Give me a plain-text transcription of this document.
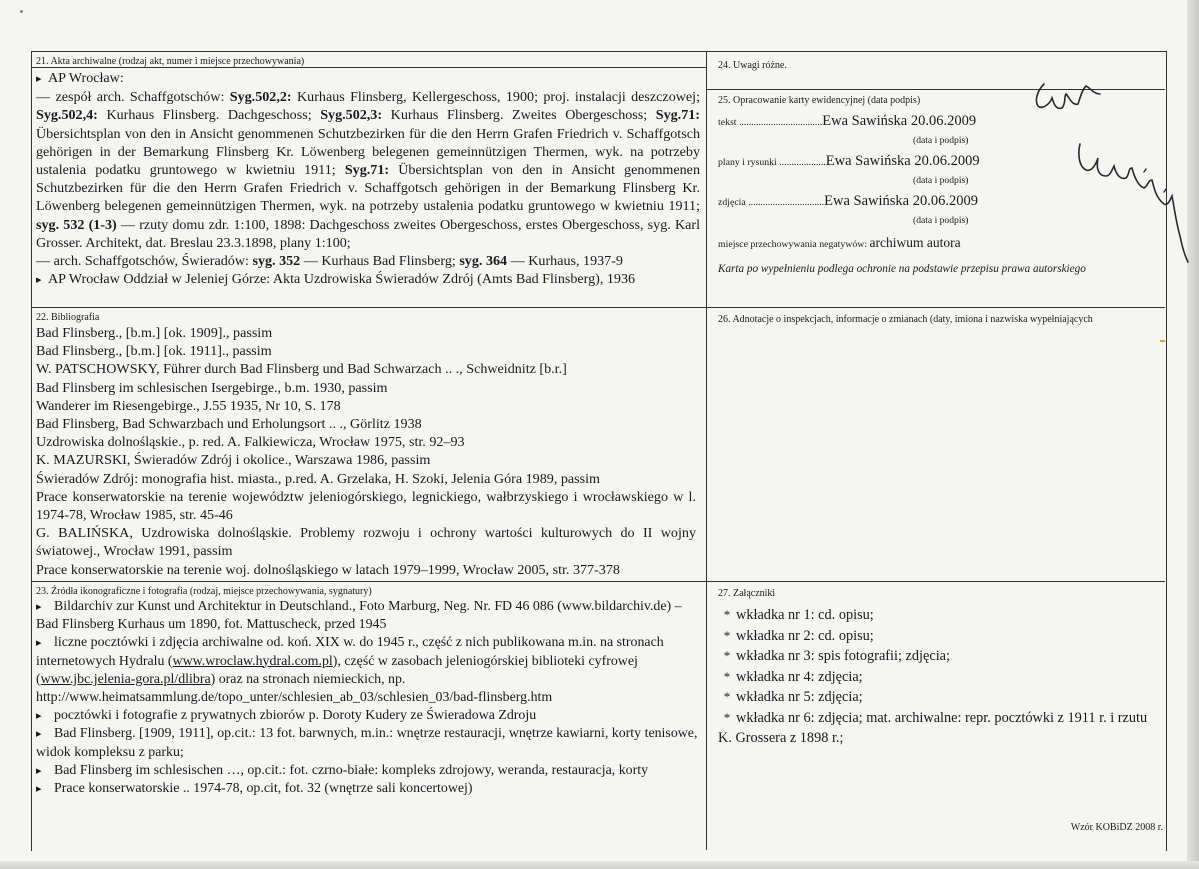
21. Akta archiwalne (rodzaj akt, numer i miejsce przechowywania)

▸ AP Wrocław:

— zespół arch. Schaffgotschów: Syg.502,2: Kurhaus Flinsberg, Kellergeschoss, 1900; proj. instalacji deszczowej; Syg.502,4: Kurhaus Flinsberg. Dachgeschoss; Syg.502,3: Kurhaus Flinsberg. Zweites Obergeschoss; Syg.71: Übersichtsplan von den in Ansicht genommenen Schutzbezirken für die den Herrn Grafen Friedrich v. Schaffgotsch gehörigen in der Bemarkung Flinsberg Kr. Löwenberg belegenen gemeinnützigen Thermen, wyk. na potrzeby ustalenia podatku gruntowego w kwietniu 1911; Syg.71: Übersichtsplan von den in Ansicht genommenen Schutzbezirken für die den Herrn Grafen Friedrich v. Schaffgotsch gehörigen in der Bemarkung Flinsberg Kr. Löwenberg belegenen gemeinnützigen Thermen, wyk. na potrzeby ustalenia podatku gruntowego w kwietniu 1911; syg. 532 (1-3) — rzuty domu zdr. 1:100, 1898: Dachgeschoss zweites Obergeschoss, erstes Obergeschoss, syg. Karl Grosser. Architekt, dat. Breslau 23.3.1898, plany 1:100;

— arch. Schaffgotschów, Świeradów: syg. 352 — Kurhaus Bad Flinsberg; syg. 364 — Kurhaus, 1937-9

▸ AP Wrocław Oddział w Jeleniej Górze: Akta Uzdrowiska Świeradów Zdrój (Amts Bad Flinsberg), 1936

22. Bibliografia

Bad Flinsberg., [b.m.] [ok. 1909]., passim

Bad Flinsberg., [b.m.] [ok. 1911]., passim

W. PATSCHOWSKY, Führer durch Bad Flinsberg und Bad Schwarzach .. ., Schweidnitz [b.r.]

Bad Flinsberg im schlesischen Isergebirge., b.m. 1930, passim

Wanderer im Riesengebirge., J.55 1935, Nr 10, S. 178

Bad Flinsberg, Bad Schwarzbach und Erholungsort .. ., Görlitz 1938

Uzdrowiska dolnośląskie., p. red. A. Falkiewicza, Wrocław 1975, str. 92–93

K. MAZURSKI, Świeradów Zdrój i okolice., Warszawa 1986, passim

Świeradów Zdrój: monografia hist. miasta., p.red. A. Grzelaka, H. Szoki, Jelenia Góra 1989, passim

Prace konserwatorskie na terenie województw jeleniogórskiego, legnickiego, wałbrzyskiego i wrocławskiego w l. 1974-78, Wrocław 1985, str. 45-46

G. BALIŃSKA, Uzdrowiska dolnośląskie. Problemy rozwoju i ochrony wartości kulturowych do II wojny światowej., Wrocław 1991, passim

Prace konserwatorskie na terenie woj. dolnośląskiego w latach 1979–1999, Wrocław 2005, str. 377-378

23. Źródła ikonograficzne i fotografia (rodzaj, miejsce przechowywania, sygnatury)

▸ Bildarchiv zur Kunst und Architektur in Deutschland., Foto Marburg, Neg. Nr. FD 46 086 (www.bildarchiv.de) – Bad Flinsberg Kurhaus um 1890, fot. Mattuscheck, przed 1945

▸ liczne pocztówki i zdjęcia archiwalne od. koń. XIX w. do 1945 r., część z nich publikowana m.in. na stronach internetowych Hydralu (www.wroclaw.hydral.com.pl), część w zasobach jeleniogórskiej biblioteki cyfrowej (www.jbc.jelenia-gora.pl/dlibra) oraz na stronach niemieckich, np.

http://www.heimatsammlung.de/topo_unter/schlesien_ab_03/schlesien_03/bad-flinsberg.htm

▸ pocztówki i fotografie z prywatnych zbiorów p. Doroty Kudery ze Świeradowa Zdroju

▸ Bad Flinsberg. [1909, 1911], op.cit.: 13 fot. barwnych, m.in.: wnętrze restauracji, wnętrze kawiarni, korty tenisowe, widok kompleksu z parku;

▸ Bad Flinsberg im schlesischen …, op.cit.: fot. czrno-białe: kompleks zdrojowy, weranda, restauracja, korty

▸ Prace konserwatorskie .. 1974-78, op.cit, fot. 32 (wnętrze sali koncertowej)

24. Uwagi różne.
25. Opracowanie karty ewidencyjnej (data podpis)
tekst ..................................Ewa Sawińska 20.06.2009
(data i podpis)
plany i rysunki ...................Ewa Sawińska 20.06.2009
(data i podpis)
zdjęcia ...............................Ewa Sawińska 20.06.2009
(data i podpis)
miejsce przechowywania negatywów: archiwum autora
Karta po wypełnieniu podlega ochronie na podstawie przepisu prawa autorskiego
26. Adnotacje o inspekcjach, informacje o zmianach (daty, imiona i nazwiska wypełniających
27. Załączniki

* wkładka nr 1: cd. opisu;

* wkładka nr 2: cd. opisu;

* wkładka nr 3: spis fotografii; zdjęcia;

* wkładka nr 4: zdjęcia;

* wkładka nr 5: zdjęcia;

* wkładka nr 6: zdjęcia; mat. archiwalne: repr. pocztówki z 1911 r. i rzutu K. Grossera z 1898 r.;

Wzór KOBiDZ 2008 r.
